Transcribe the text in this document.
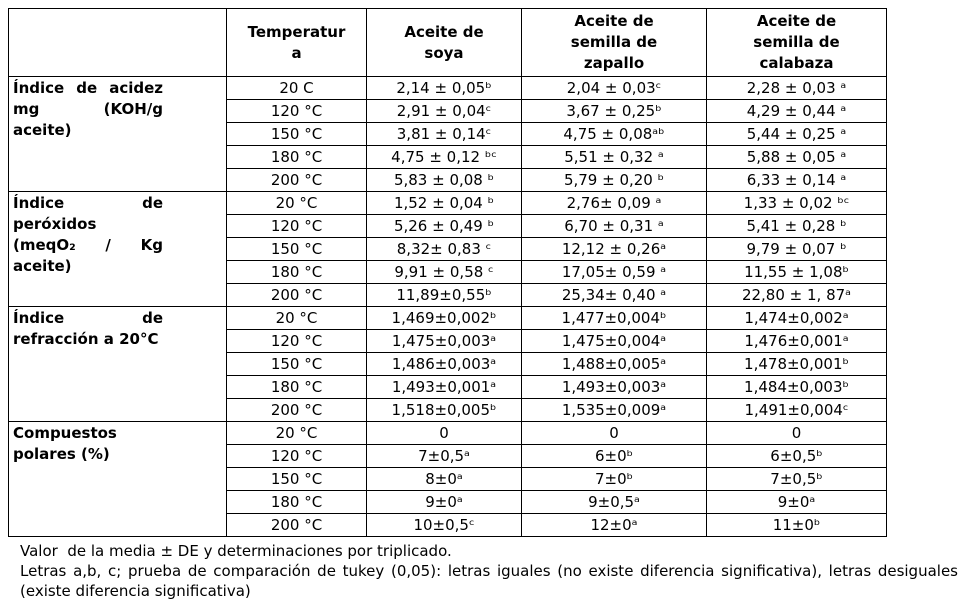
	Temperatura	Aceite de soya	Aceite de semilla de zapallo	Aceite de semilla de calabaza

Índice de acidez mg (KOH/g aceite)	20 C	2,14 ± 0,05ᵇ	2,04 ± 0,03ᶜ	2,28 ± 0,03 ᵃ
	120 °C	2,91 ± 0,04ᶜ	3,67 ± 0,25ᵇ	4,29 ± 0,44 ᵃ
	150 °C	3,81 ± 0,14ᶜ	4,75 ± 0,08ᵃᵇ	5,44 ± 0,25 ᵃ
	180 °C	4,75 ± 0,12 ᵇᶜ	5,51 ± 0,32 ᵃ	5,88 ± 0,05 ᵃ
	200 °C	5,83 ± 0,08 ᵇ	5,79 ± 0,20 ᵇ	6,33 ± 0,14 ᵃ

Índice de peróxidos (meqO₂ / Kg aceite)	20 °C	1,52 ± 0,04 ᵇ	2,76± 0,09 ᵃ	1,33 ± 0,02 ᵇᶜ
	120 °C	5,26 ± 0,49 ᵇ	6,70 ± 0,31 ᵃ	5,41 ± 0,28 ᵇ
	150 °C	8,32± 0,83 ᶜ	12,12 ± 0,26ᵃ	9,79 ± 0,07 ᵇ
	180 °C	9,91 ± 0,58 ᶜ	17,05± 0,59 ᵃ	11,55 ± 1,08ᵇ
	200 °C	11,89±0,55ᵇ	25,34± 0,40 ᵃ	22,80 ± 1, 87ᵃ

Índice de refracción a 20°C	20 °C	1,469±0,002ᵇ	1,477±0,004ᵇ	1,474±0,002ᵃ
	120 °C	1,475±0,003ᵃ	1,475±0,004ᵃ	1,476±0,001ᵃ
	150 °C	1,486±0,003ᵃ	1,488±0,005ᵃ	1,478±0,001ᵇ
	180 °C	1,493±0,001ᵃ	1,493±0,003ᵃ	1,484±0,003ᵇ
	200 °C	1,518±0,005ᵇ	1,535±0,009ᵃ	1,491±0,004ᶜ

Compuestos polares (%)	20 °C	0	0	0
	120 °C	7±0,5ᵃ	6±0ᵇ	6±0,5ᵇ
	150 °C	8±0ᵃ	7±0ᵇ	7±0,5ᵇ
	180 °C	9±0ᵃ	9±0,5ᵃ	9±0ᵃ
	200 °C	10±0,5ᶜ	12±0ᵃ	11±0ᵇ
Valor  de la media ± DE y determinaciones por triplicado.
Letras a,b, c; prueba de comparación de tukey (0,05): letras iguales (no existe diferencia significativa), letras desiguales (existe diferencia significativa)
